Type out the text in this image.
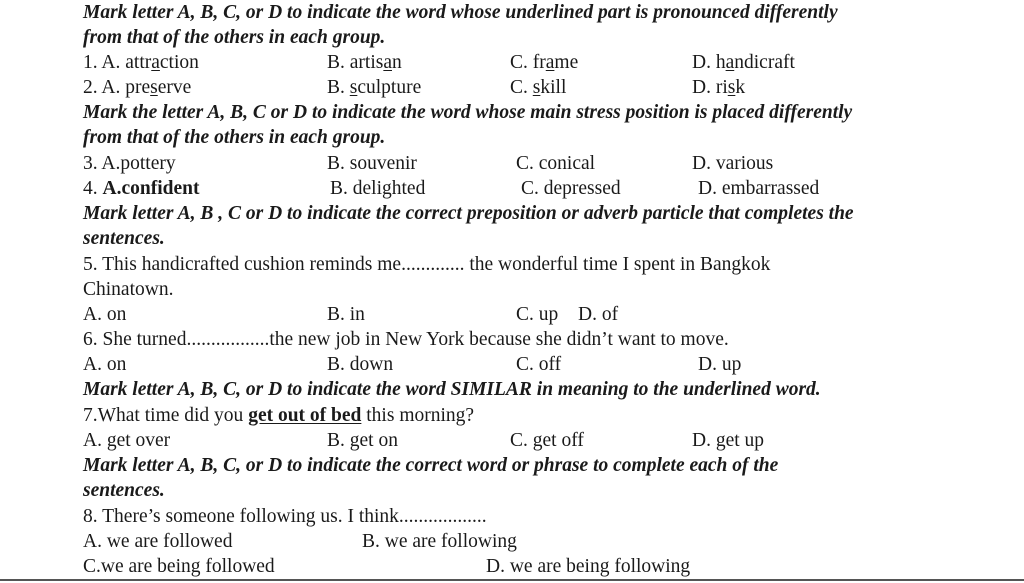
Mark letter A, B, C, or D to indicate the word whose underlined part is pronounced differently
from that of the others in each group.
1. A. attraction	B. artisan	C. frame	D. handicraft
2. A. preserve	B. sculpture	C. skill	D. risk
Mark the letter A, B, C or D to indicate the word whose main stress position is placed differently
from that of the others in each group.
3. A.pottery	B. souvenir	C. conical	D. various
4. A.confident	B. delighted	C. depressed	D. embarrassed
Mark letter A, B , C or D to indicate the correct preposition or adverb particle that completes the
sentences.
5. This handicrafted cushion reminds me............. the wonderful time I spent in Bangkok
Chinatown.
A. on	B. in	C. up D. of
6. She turned.................the new job in New York because she didn’t want to move.
A. on	B. down	C. off	D. up
Mark letter A, B, C, or D to indicate the word SIMILAR in meaning to the underlined word.
7.What time did you get out of bed this morning?
A. get over	B. get on	C. get off	D. get up
Mark letter A, B, C, or D to indicate the correct word or phrase to complete each of the
sentences.
8. There’s someone following us. I think..................
A. we are followed	B. we are following
C.we are being followed	D. we are being following
